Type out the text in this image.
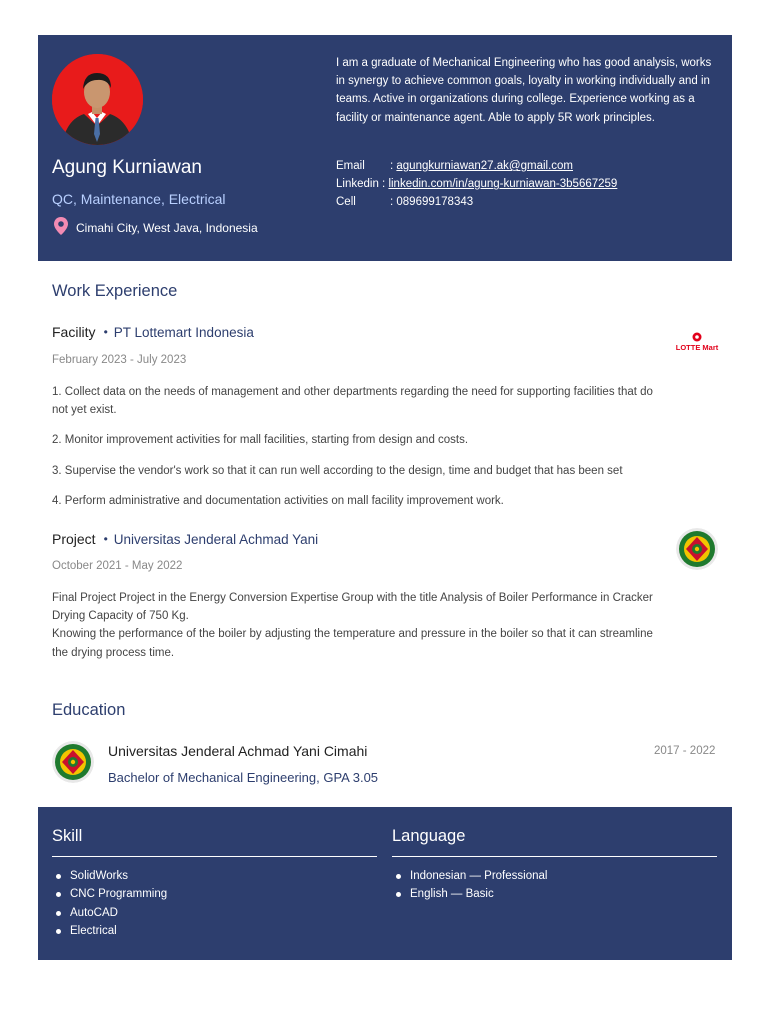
Agung Kurniawan
QC, Maintenance, Electrical
Cimahi City, West Java, Indonesia
I am a graduate of Mechanical Engineering who has good analysis, works in synergy to achieve common goals, loyalty in working individually and in teams. Active in organizations during college. Experience working as a facility or maintenance agent. Able to apply 5R work principles.
Email	: agungkurniawan27.ak@gmail.com
Linkedin : linkedin.com/in/agung-kurniawan-3b5667259
Cell	: 089699178343
Work Experience
Facility • PT Lottemart Indonesia
LOTTE Mart
February 2023 - July 2023

1. Collect data on the needs of management and other departments regarding the need for supporting facilities that do not yet exist.

2. Monitor improvement activities for mall facilities, starting from design and costs.

3. Supervise the vendor's work so that it can run well according to the design, time and budget that has been set

4. Perform administrative and documentation activities on mall facility improvement work.

Project • Universitas Jenderal Achmad Yani
October 2021 - May 2022
Final Project Project in the Energy Conversion Expertise Group with the title Analysis of Boiler Performance in Cracker Drying Capacity of 750 Kg.
Knowing the performance of the boiler by adjusting the temperature and pressure in the boiler so that it can streamline the drying process time.
Education
Universitas Jenderal Achmad Yani Cimahi
Bachelor of Mechanical Engineering, GPA 3.05
2017 - 2022
Skill
SolidWorks
CNC Programming
AutoCAD
Electrical
Language
Indonesian — Professional
English — Basic
